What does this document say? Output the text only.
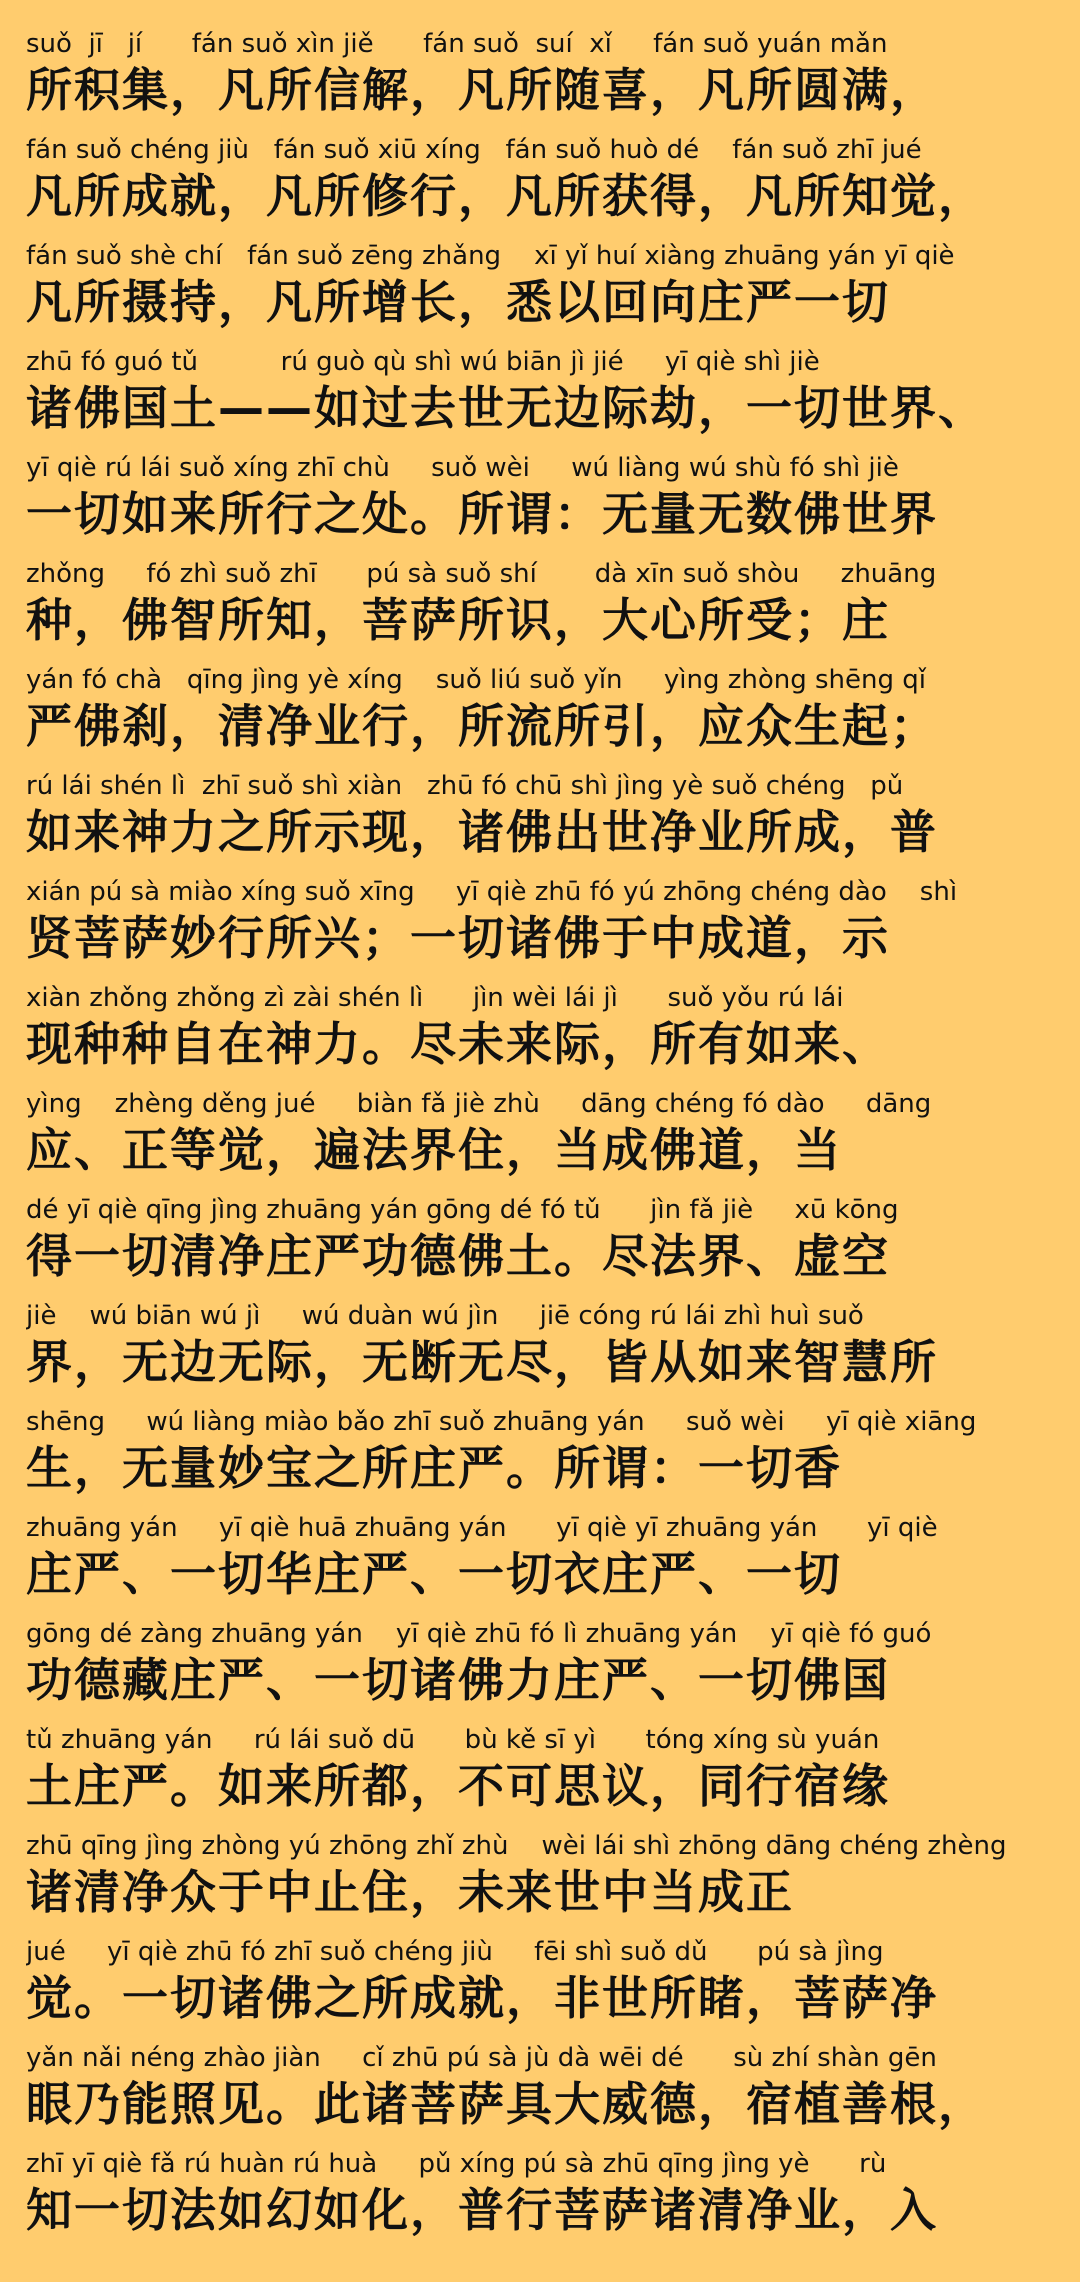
suǒ  jī   jí      fán suǒ xìn jiě      fán suǒ  suí  xǐ     fán suǒ yuán mǎn
所积集，凡所信解，凡所随喜，凡所圆满，
fán suǒ chéng jiù   fán suǒ xiū xíng   fán suǒ huò dé    fán suǒ zhī jué
凡所成就，凡所修行，凡所获得，凡所知觉，
fán suǒ shè chí   fán suǒ zēng zhǎng    xī yǐ huí xiàng zhuāng yán yī qiè
凡所摄持，凡所增长，悉以回向庄严一切
zhū fó guó tǔ          rú guò qù shì wú biān jì jié     yī qiè shì jiè
诸佛国土——如过去世无边际劫，一切世界、
yī qiè rú lái suǒ xíng zhī chù     suǒ wèi     wú liàng wú shù fó shì jiè
一切如来所行之处。所谓：无量无数佛世界
zhǒng     fó zhì suǒ zhī      pú sà suǒ shí       dà xīn suǒ shòu     zhuāng
种，佛智所知，菩萨所识，大心所受；庄
yán fó chà   qīng jìng yè xíng    suǒ liú suǒ yǐn     yìng zhòng shēng qǐ
严佛刹，清净业行，所流所引，应众生起；
rú lái shén lì  zhī suǒ shì xiàn   zhū fó chū shì jìng yè suǒ chéng   pǔ
如来神力之所示现，诸佛出世净业所成，普
xián pú sà miào xíng suǒ xīng     yī qiè zhū fó yú zhōng chéng dào    shì
贤菩萨妙行所兴；一切诸佛于中成道，示
xiàn zhǒng zhǒng zì zài shén lì      jìn wèi lái jì      suǒ yǒu rú lái
现种种自在神力。尽未来际，所有如来、
yìng    zhèng děng jué     biàn fǎ jiè zhù     dāng chéng fó dào     dāng
应、正等觉，遍法界住，当成佛道，当
dé yī qiè qīng jìng zhuāng yán gōng dé fó tǔ      jìn fǎ jiè     xū kōng
得一切清净庄严功德佛土。尽法界、虚空
jiè    wú biān wú jì     wú duàn wú jìn     jiē cóng rú lái zhì huì suǒ
界，无边无际，无断无尽，皆从如来智慧所
shēng     wú liàng miào bǎo zhī suǒ zhuāng yán     suǒ wèi     yī qiè xiāng
生，无量妙宝之所庄严。所谓：一切香
zhuāng yán     yī qiè huā zhuāng yán      yī qiè yī zhuāng yán      yī qiè
庄严、一切华庄严、一切衣庄严、一切
gōng dé zàng zhuāng yán    yī qiè zhū fó lì zhuāng yán    yī qiè fó guó
功德藏庄严、一切诸佛力庄严、一切佛国
tǔ zhuāng yán     rú lái suǒ dū      bù kě sī yì      tóng xíng sù yuán
土庄严。如来所都，不可思议，同行宿缘
zhū qīng jìng zhòng yú zhōng zhǐ zhù    wèi lái shì zhōng dāng chéng zhèng
诸清净众于中止住，未来世中当成正
jué     yī qiè zhū fó zhī suǒ chéng jiù     fēi shì suǒ dǔ      pú sà jìng
觉。一切诸佛之所成就，非世所睹，菩萨净
yǎn nǎi néng zhào jiàn     cǐ zhū pú sà jù dà wēi dé      sù zhí shàn gēn
眼乃能照见。此诸菩萨具大威德，宿植善根，
zhī yī qiè fǎ rú huàn rú huà     pǔ xíng pú sà zhū qīng jìng yè      rù
知一切法如幻如化，普行菩萨诸清净业，入
